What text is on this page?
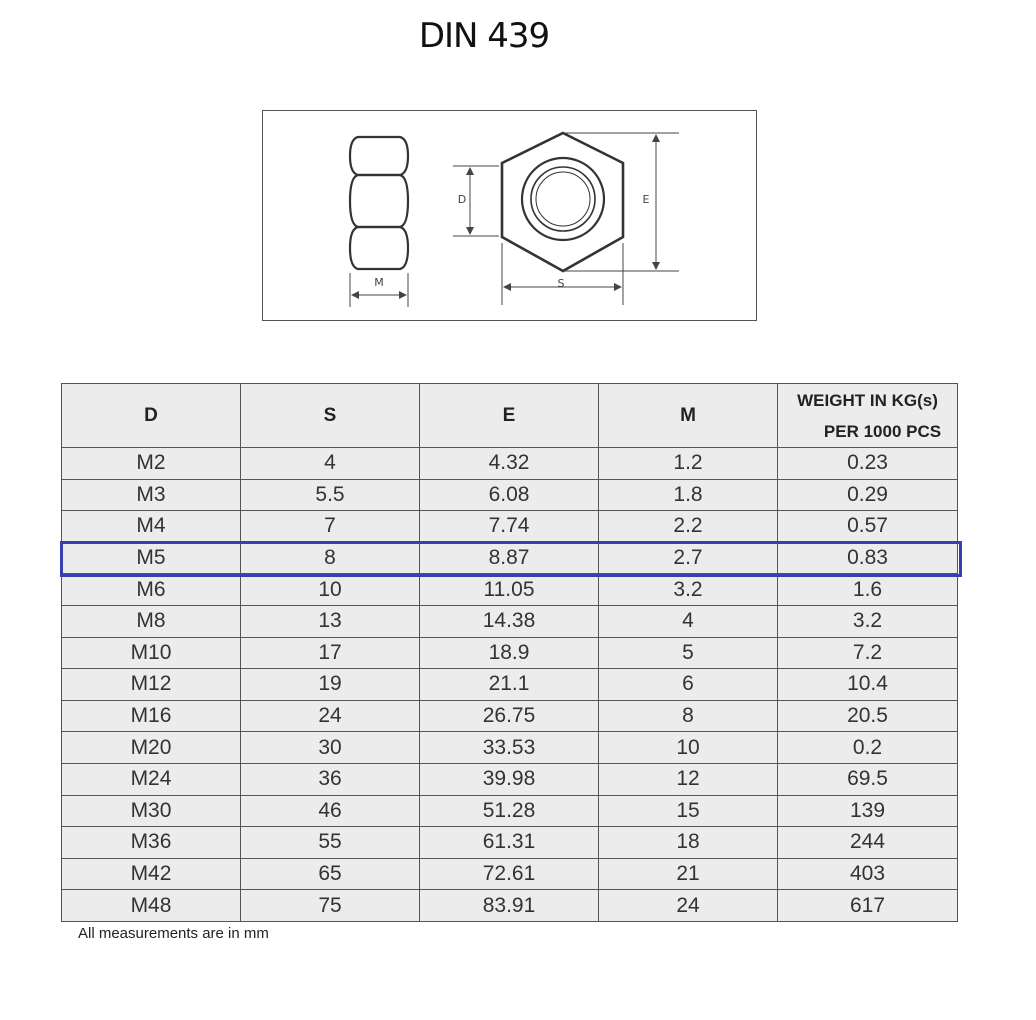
DIN 439
M
D	E
S
D	S	E	M	WEIGHT IN KG(s)
PER 1000 PCS

M2	4	4.32	1.2	0.23
M3	5.5	6.08	1.8	0.29
M4	7	7.74	2.2	0.57
M5	8	8.87	2.7	0.83
M6	10	11.05	3.2	1.6
M8	13	14.38	4	3.2
M10	17	18.9	5	7.2
M12	19	21.1	6	10.4
M16	24	26.75	8	20.5
M20	30	33.53	10	0.2
M24	36	39.98	12	69.5
M30	46	51.28	15	139
M36	55	61.31	18	244
M42	65	72.61	21	403
M48	75	83.91	24	617
All measurements are in mm
